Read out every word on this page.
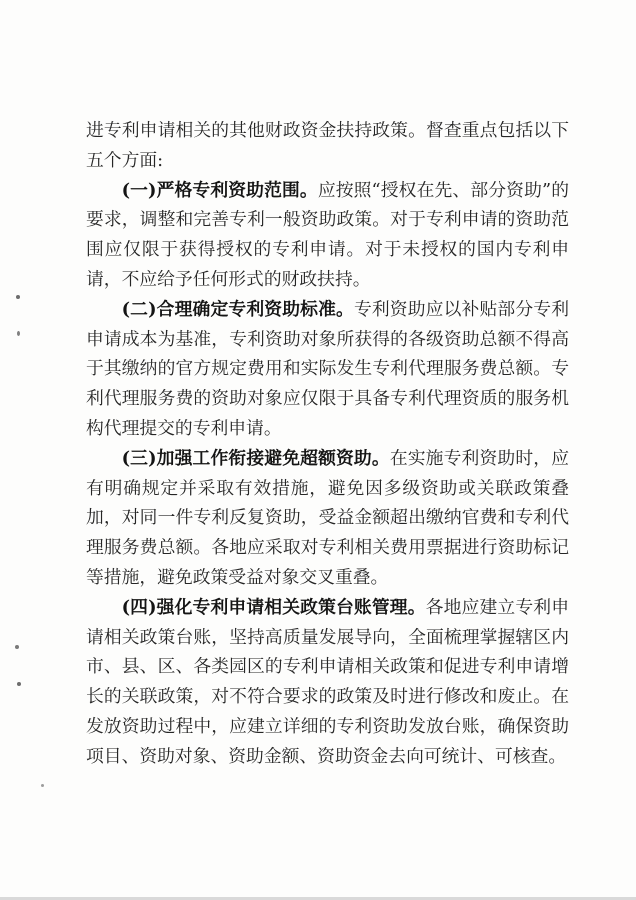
进专利申请相关的其他财政资金扶持政策。督查重点包括以下五个方面:

(一)严格专利资助范围。应按照“授权在先、部分资助”的要求，调整和完善专利一般资助政策。对于专利申请的资助范围应仅限于获得授权的专利申请。对于未授权的国内专利申请，不应给予任何形式的财政扶持。

(二)合理确定专利资助标准。专利资助应以补贴部分专利申请成本为基准，专利资助对象所获得的各级资助总额不得高于其缴纳的官方规定费用和实际发生专利代理服务费总额。专利代理服务费的资助对象应仅限于具备专利代理资质的服务机构代理提交的专利申请。

(三)加强工作衔接避免超额资助。在实施专利资助时，应有明确规定并采取有效措施，避免因多级资助或关联政策叠加，对同一件专利反复资助，受益金额超出缴纳官费和专利代理服务费总额。各地应采取对专利相关费用票据进行资助标记等措施，避免政策受益对象交叉重叠。

(四)强化专利申请相关政策台账管理。各地应建立专利申请相关政策台账，坚持高质量发展导向，全面梳理掌握辖区内市、县、区、各类园区的专利申请相关政策和促进专利申请增长的关联政策，对不符合要求的政策及时进行修改和废止。在发放资助过程中，应建立详细的专利资助发放台账，确保资助项目、资助对象、资助金额、资助资金去向可统计、可核查。
